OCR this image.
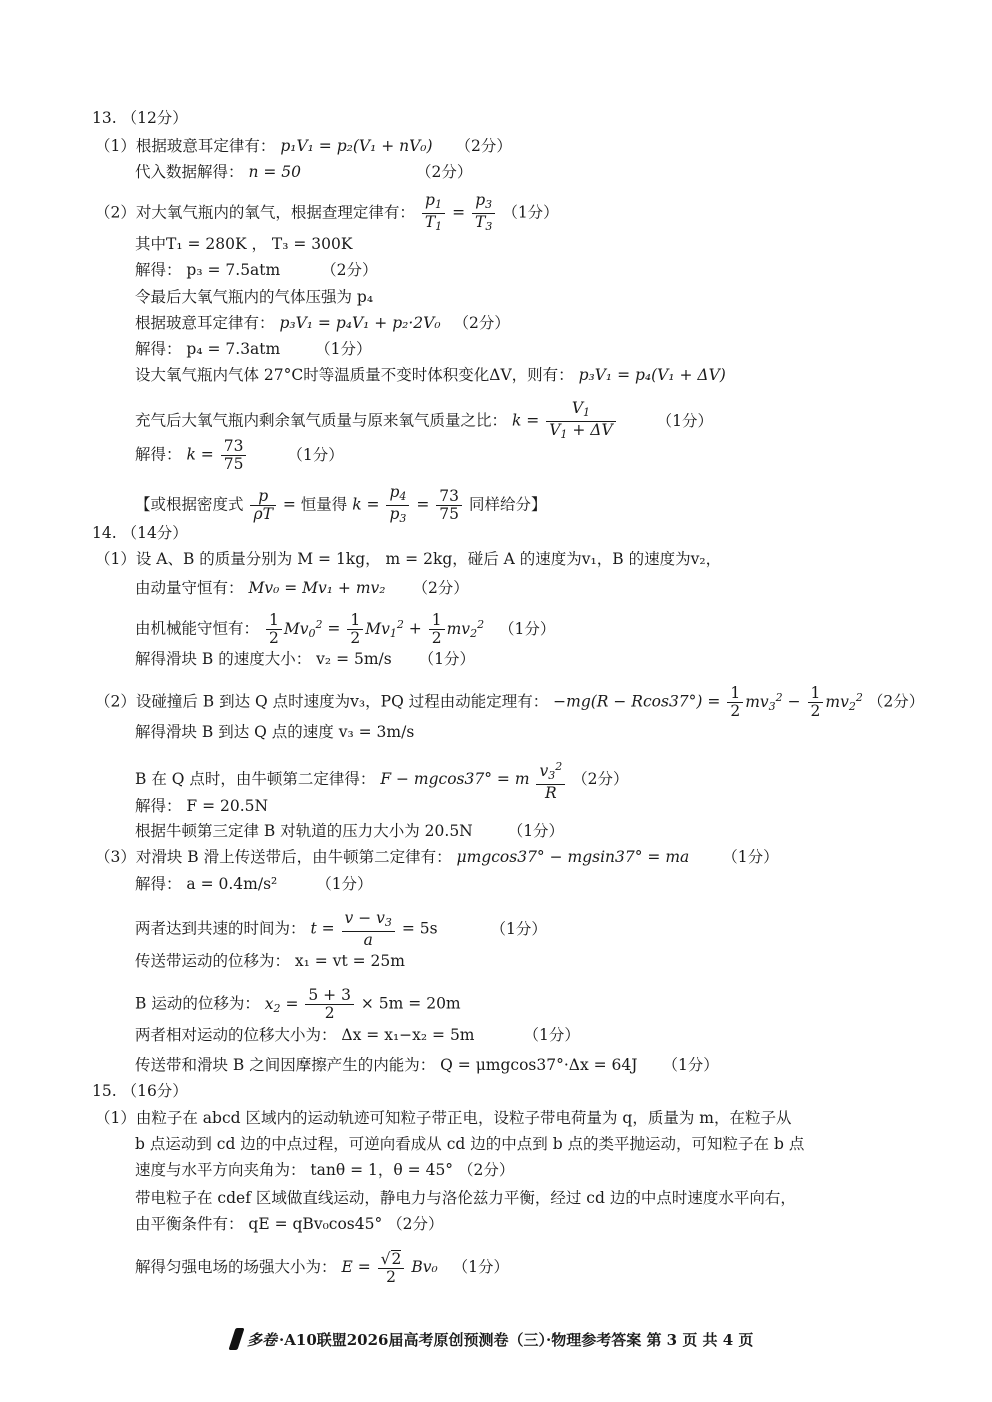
13. （12分）
（1）根据玻意耳定律有： p₁V₁ = p₂(V₁ + nV₀) （2分）
代入数据解得： n = 50	（2分）
（2）对大氧气瓶内的氧气，根据查理定律有： $\frac{p_1}{T_1} = \frac{p_3}{T_3} (1$分）
其中T₁ = 280K ， T₃ = 300K
解得： p₃ = 7.5atm	（2分）
令最后大氧气瓶内的气体压强为 p₄
根据玻意耳定律有： p₃V₁ = p₄V₁ + p₂·2V₀ （2分）
解得： p₄ = 7.3atm （1分）
设大氧气瓶内气体 27°C时等温质量不变时体积变化ΔV，则有： p₃V₁ = p₄(V₁ + ΔV)
充气后大氧气瓶内剩余氧气质量与原来氧气质量之比： $k = \frac{V_1}{V_1 + \Delta V}$	（1分）
解得： $k = \frac{73}{75}$	（1分）
【或根据密度式 $\frac{p}{\rho T}$ = 恒量得 $k = \frac{p_4}{p_3} = \frac{73}{75}$ 同样给分】
14. （14分）
（1）设 A、B 的质量分别为 M = 1kg， m = 2kg，碰后 A 的速度为v₁，B 的速度为v₂，
由动量守恒有： Mv₀ = Mv₁ + mv₂ （2分）
由机械能守恒有： $\frac{1}{2} Mv_0^2 = \frac{1}{2} Mv_1^2 + \frac{1}{2} mv_2^2$ （1分）
解得滑块 B 的速度大小： v₂ = 5m/s （1分）
（2）设碰撞后 B 到达 Q 点时速度为v₃，PQ 过程由动能定理有： $-mg(R - Rcos37^\circ) = \frac{1}{2} mv_3^2 - \frac{1}{2} mv_2^2$ （2分）
解得滑块 B 到达 Q 点的速度 v₃ = 3m/s
B 在 Q 点时，由牛顿第二定律得： F − mgcos37° = m $\frac{v_3^2}{R} (2$分）
解得： F = 20.5N
根据牛顿第三定律 B 对轨道的压力大小为 20.5N （1分）
（3）对滑块 B 滑上传送带后，由牛顿第二定律有： μmgcos37° − mgsin37° = ma （1分）
解得： a = 0.4m/s²	（1分）
两者达到共速的时间为： $t = \frac{v - v_3}{a} = 5s$	（1分）
传送带运动的位移为： x₁ = vt = 25m
B 运动的位移为： $x_2 = \frac{5 + 3}{2} \times 5m = 20m$
两者相对运动的位移大小为： Δx = x₁−x₂ = 5m	（1分）
传送带和滑块 B 之间因摩擦产生的内能为： Q = μmgcos37°·Δx = 64J （1分）
15. （16分）
（1）由粒子在 abcd 区域内的运动轨迹可知粒子带正电，设粒子带电荷量为 q，质量为 m，在粒子从
b 点运动到 cd 边的中点过程，可逆向看成从 cd 边的中点到 b 点的类平抛运动，可知粒子在 b 点
速度与水平方向夹角为： tanθ = 1，θ = 45° （2分）
带电粒子在 cdef 区域做直线运动，静电力与洛伦兹力平衡，经过 cd 边的中点时速度水平向右，
由平衡条件有： qE = qBv₀cos45° （2分）
解得匀强电场的场强大小为： $E = \frac{√2}{2} Bv_0$ （1分）
多卷 ·A10联盟2026届高考原创预测卷（三）·物理参考答案 第 3 页 共 4 页
